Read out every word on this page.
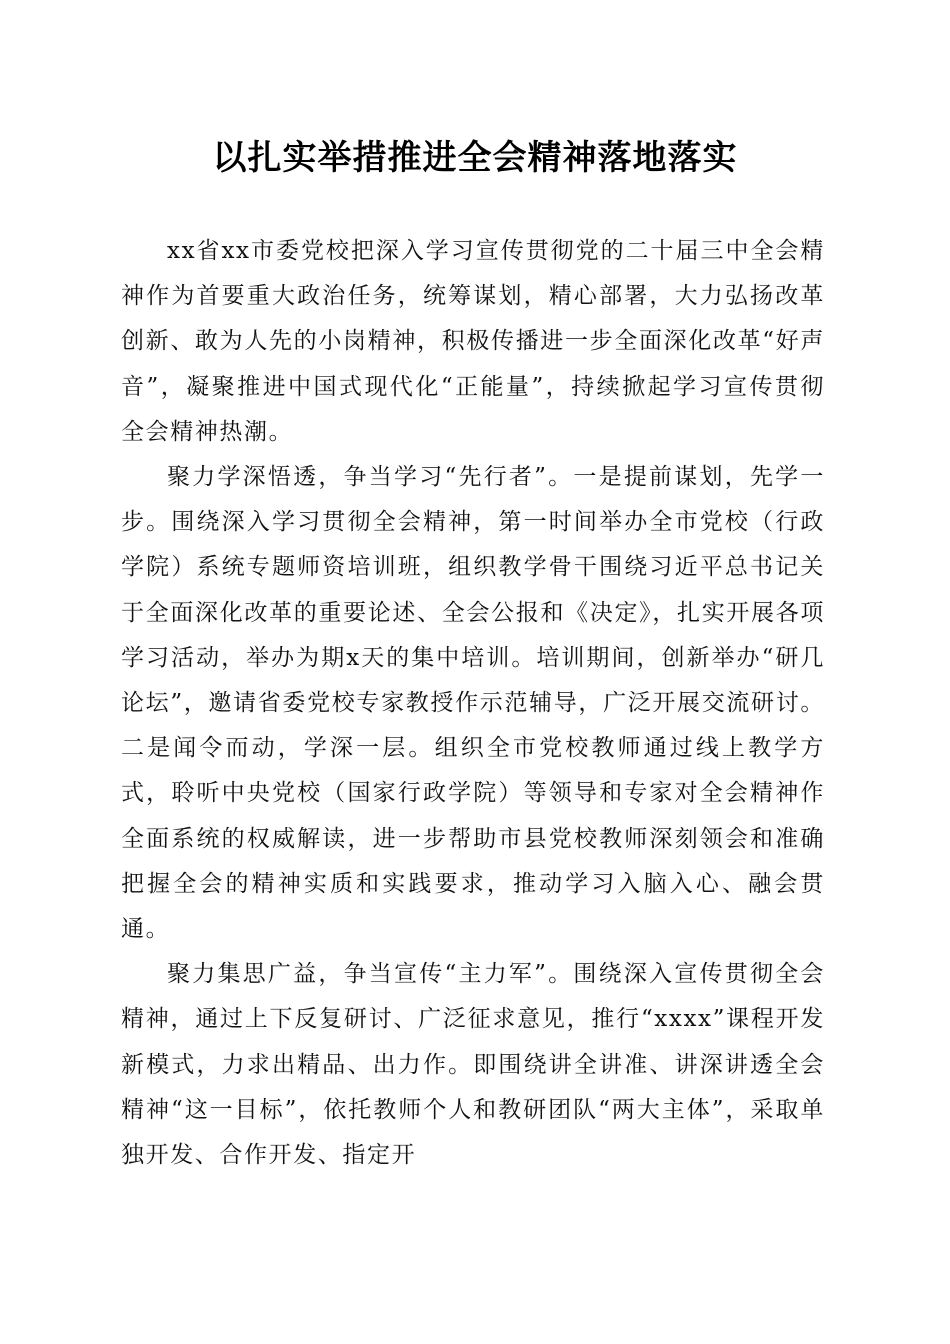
以扎实举措推进全会精神落地落实

xx省xx市委党校把深入学习宣传贯彻党的二十届三中全会精神作为首要重大政治任务，统筹谋划，精心部署，大力弘扬改革创新、敢为人先的小岗精神，积极传播进一步全面深化改革“好声音”，凝聚推进中国式现代化“正能量”，持续掀起学习宣传贯彻全会精神热潮。

聚力学深悟透，争当学习“先行者”。一是提前谋划，先学一步。围绕深入学习贯彻全会精神，第一时间举办全市党校（行政学院）系统专题师资培训班，组织教学骨干围绕习近平总书记关于全面深化改革的重要论述、全会公报和《决定》，扎实开展各项学习活动，举办为期x天的集中培训。培训期间，创新举办“研几论坛”，邀请省委党校专家教授作示范辅导，广泛开展交流研讨。二是闻令而动，学深一层。组织全市党校教师通过线上教学方式，聆听中央党校（国家行政学院）等领导和专家对全会精神作全面系统的权威解读，进一步帮助市县党校教师深刻领会和准确把握全会的精神实质和实践要求，推动学习入脑入心、融会贯通。

聚力集思广益，争当宣传“主力军”。围绕深入宣传贯彻全会精神，通过上下反复研讨、广泛征求意见，推行“xxxx”课程开发新模式，力求出精品、出力作。即围绕讲全讲准、讲深讲透全会精神“这一目标”，依托教师个人和教研团队“两大主体”，采取单独开发、合作开发、指定开
